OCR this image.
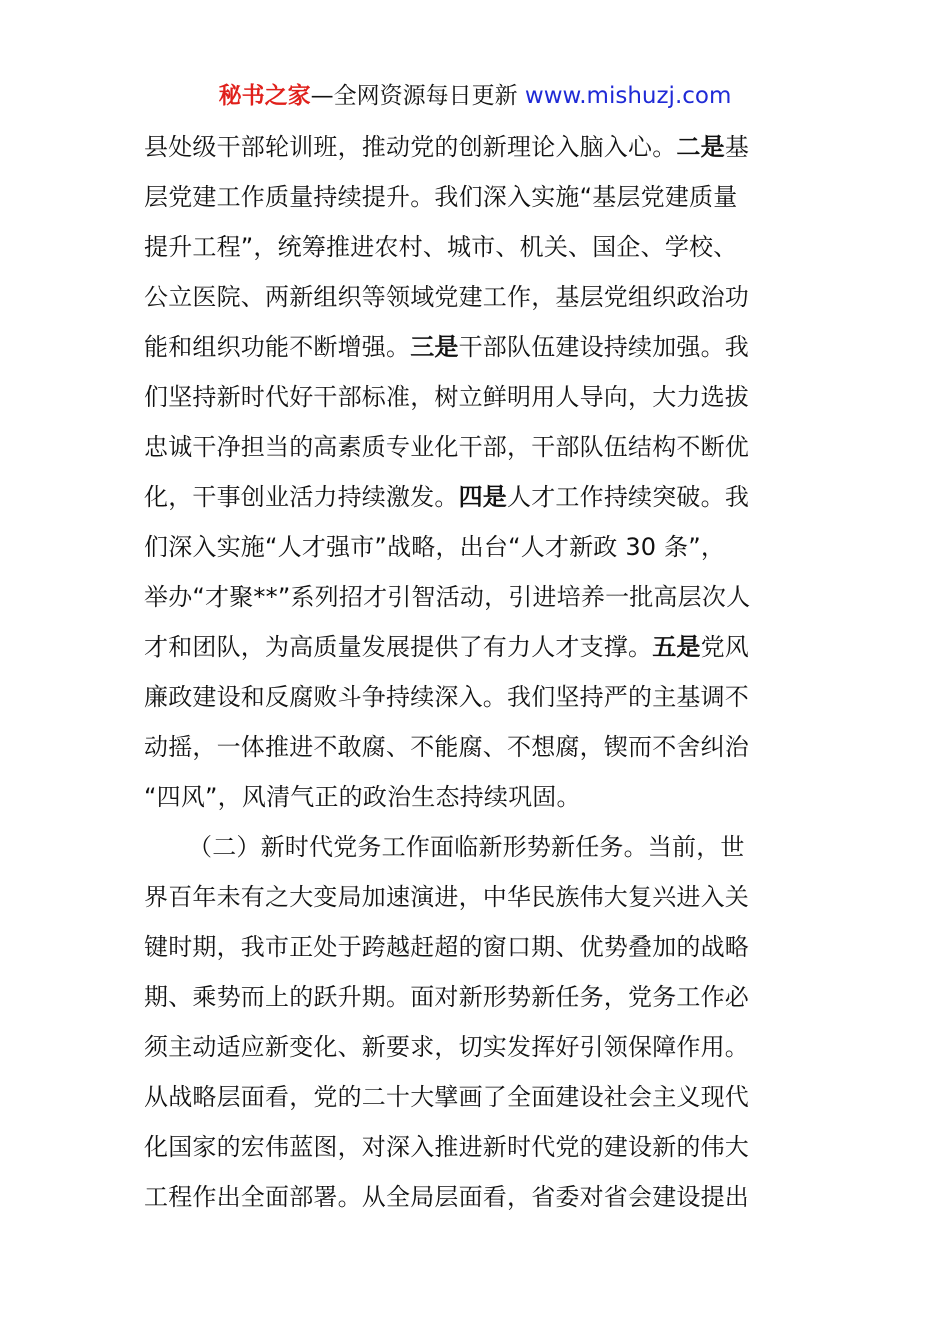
秘书之家—全网资源每日更新 www.mishuzj.com
县处级干部轮训班，推动党的创新理论入脑入心。二是基
层党建工作质量持续提升。我们深入实施“基层党建质量
提升工程”，统筹推进农村、城市、机关、国企、学校、
公立医院、两新组织等领域党建工作，基层党组织政治功
能和组织功能不断增强。三是干部队伍建设持续加强。我
们坚持新时代好干部标准，树立鲜明用人导向，大力选拔
忠诚干净担当的高素质专业化干部，干部队伍结构不断优
化，干事创业活力持续激发。四是人才工作持续突破。我
们深入实施“人才强市”战略，出台“人才新政 30 条”，
举办“才聚**”系列招才引智活动，引进培养一批高层次人
才和团队，为高质量发展提供了有力人才支撑。五是党风
廉政建设和反腐败斗争持续深入。我们坚持严的主基调不
动摇，一体推进不敢腐、不能腐、不想腐，锲而不舍纠治
“四风”，风清气正的政治生态持续巩固。
（二）新时代党务工作面临新形势新任务。当前，世
界百年未有之大变局加速演进，中华民族伟大复兴进入关
键时期，我市正处于跨越赶超的窗口期、优势叠加的战略
期、乘势而上的跃升期。面对新形势新任务，党务工作必
须主动适应新变化、新要求，切实发挥好引领保障作用。
从战略层面看，党的二十大擘画了全面建设社会主义现代
化国家的宏伟蓝图，对深入推进新时代党的建设新的伟大
工程作出全面部署。从全局层面看，省委对省会建设提出
